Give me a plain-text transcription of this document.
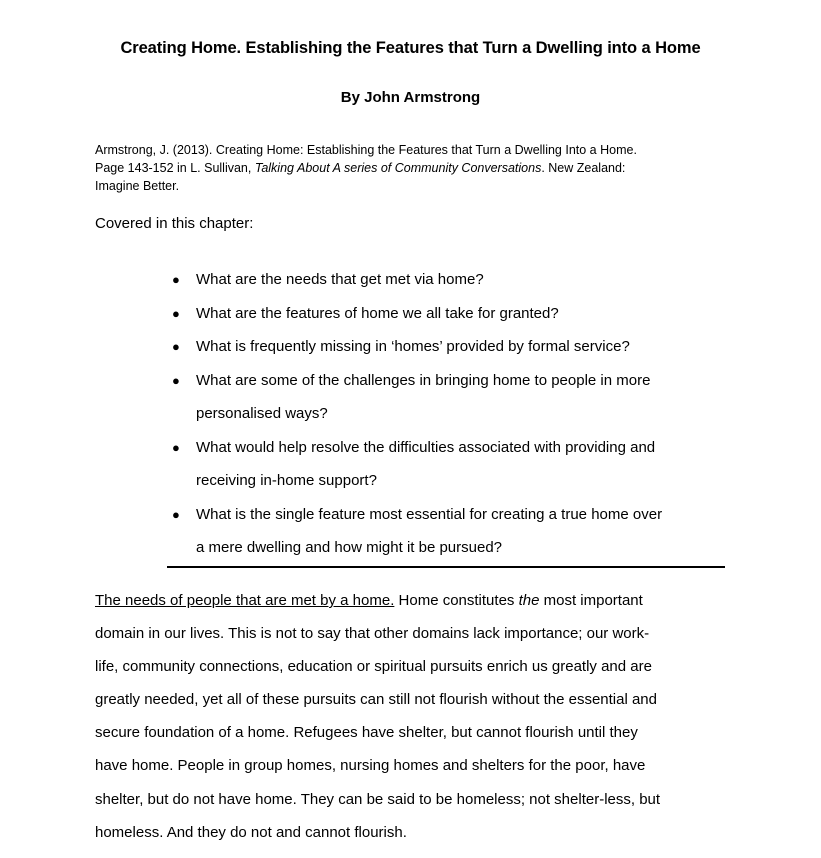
Creating Home. Establishing the Features that Turn a Dwelling into a Home
By John Armstrong
Armstrong, J. (2013). Creating Home: Establishing the Features that Turn a Dwelling Into a Home.
Page 143-152 in L. Sullivan, Talking About A series of Community Conversations. New Zealand:
Imagine Better.
Covered in this chapter:
● What are the needs that get met via home?
● What are the features of home we all take for granted?
● What is frequently missing in ‘homes’ provided by formal service?
● What are some of the challenges in bringing home to people in more
personalised ways?
● What would help resolve the difficulties associated with providing and
receiving in-home support?
● What is the single feature most essential for creating a true home over
a mere dwelling and how might it be pursued?
The needs of people that are met by a home. Home constitutes the most important
domain in our lives. This is not to say that other domains lack importance; our work-
life, community connections, education or spiritual pursuits enrich us greatly and are
greatly needed, yet all of these pursuits can still not flourish without the essential and
secure foundation of a home. Refugees have shelter, but cannot flourish until they
have home. People in group homes, nursing homes and shelters for the poor, have
shelter, but do not have home. They can be said to be homeless; not shelter-less, but
homeless. And they do not and cannot flourish.
